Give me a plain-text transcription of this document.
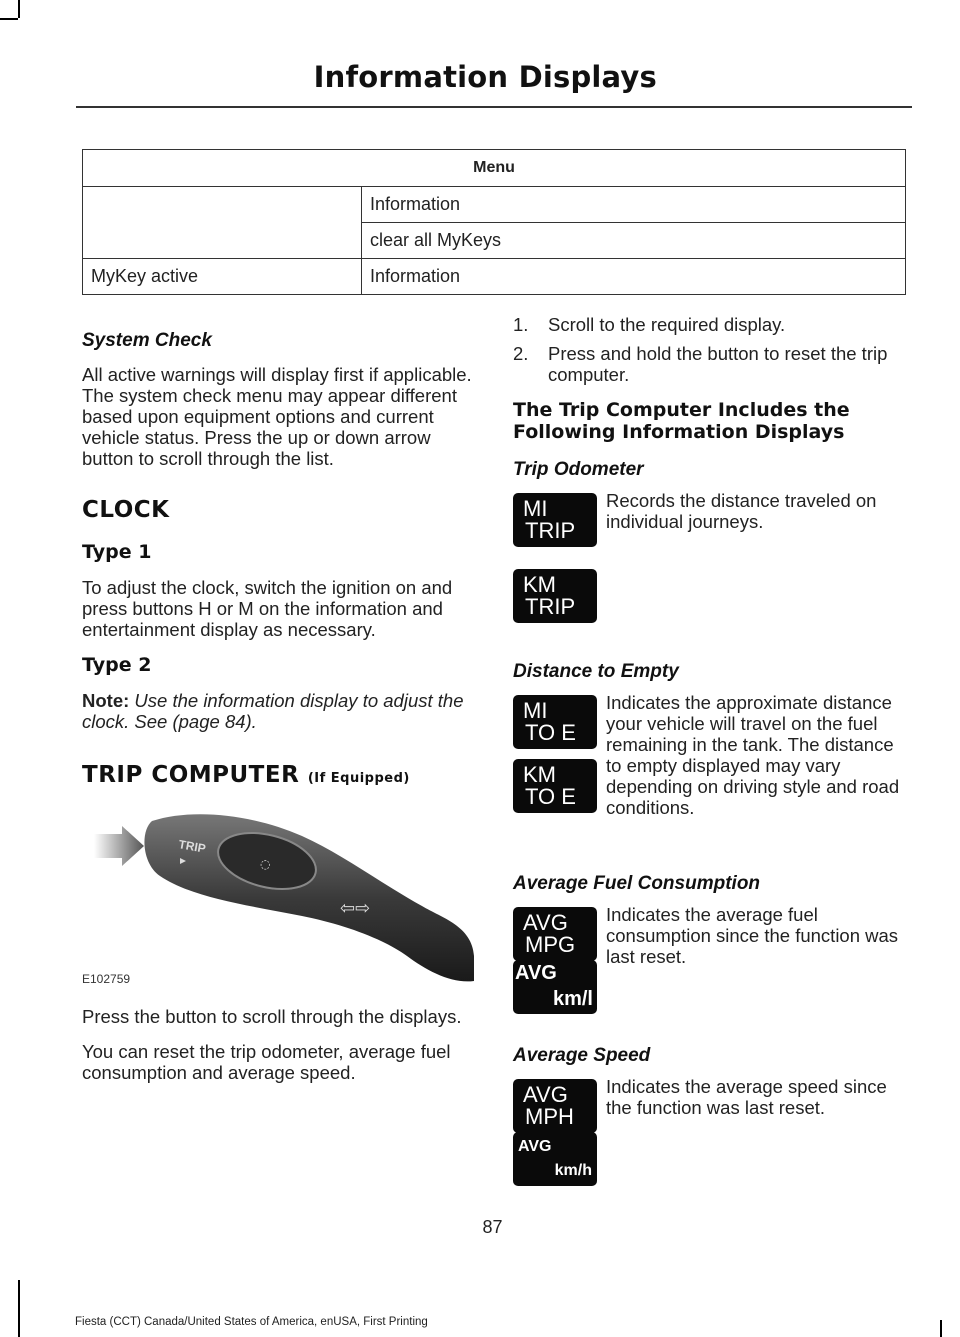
Information Displays
Menu	
	Information
	clear all MyKeys
MyKey active	Information
System Check

All active warnings will display first if applicable. The system check menu may appear different based upon equipment options and current vehicle status. Press the up or down arrow button to scroll through the list.

CLOCK
Type 1

To adjust the clock, switch the ignition on and press buttons H or M on the information and entertainment display as necessary.

Type 2

Note: Use the information display to adjust the clock. See (page 84).

TRIP COMPUTER (If Equipped)
TRIP
◌
⇦⇨
E102759

Press the button to scroll through the displays.

You can reset the trip odometer, average fuel consumption and average speed.

1.	Scroll to the required display.
2.	Press and hold the button to reset the trip computer.
The Trip Computer Includes the Following Information Displays
Trip Odometer
MI
TRIP
Records the distance traveled on individual journeys.
KM
TRIP
Distance to Empty
MI
TO E
KM
TO E
Indicates the approximate distance your vehicle will travel on the fuel remaining in the tank. The distance to empty displayed may vary depending on driving style and road conditions.
Average Fuel Consumption
AVG
MPG
Indicates the average fuel consumption since the function was last reset.
AVG
km/l
Average Speed
AVG
MPH
Indicates the average speed since the function was last reset.
AVG
km/h
87
Fiesta (CCT) Canada/United States of America, enUSA, First Printing
